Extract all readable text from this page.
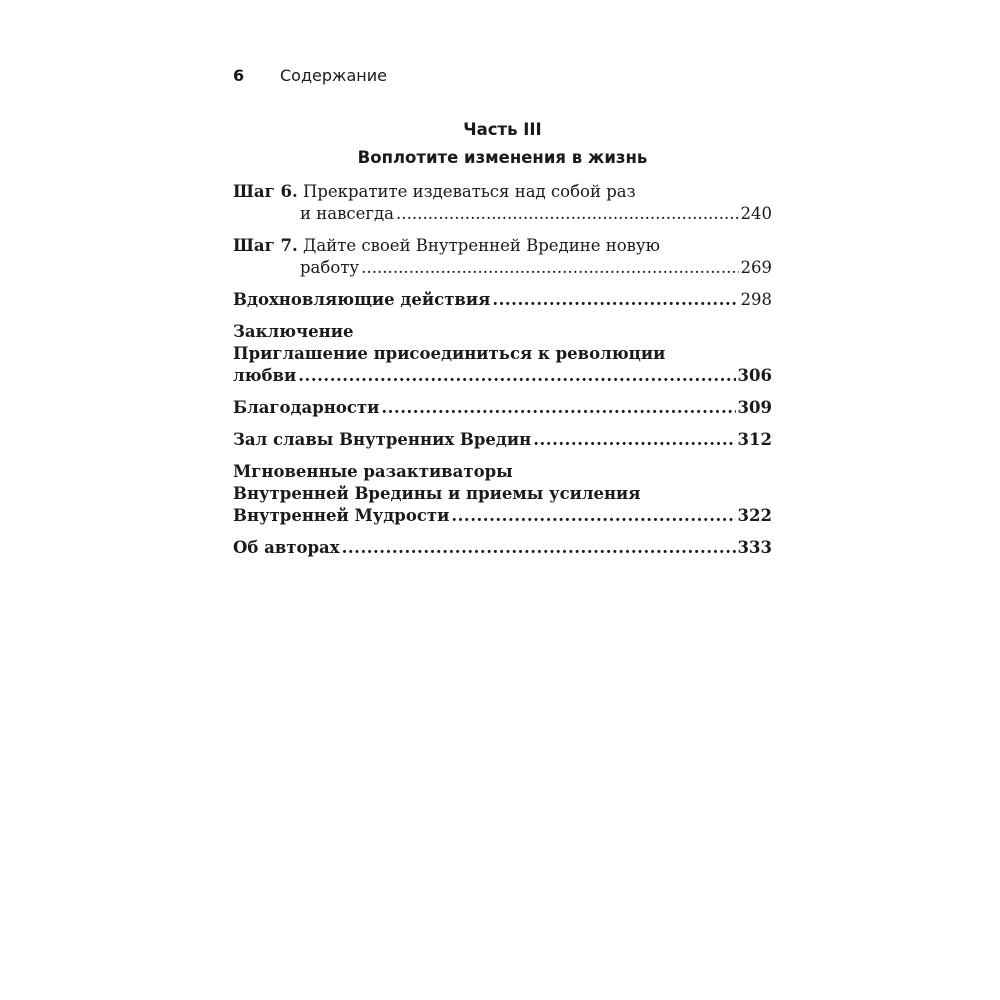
6 Содержание
Часть III
Воплотите изменения в жизнь
Шаг 6.
Прекратите издеваться над собой раз
и навсегда . . .	240
Шаг 7.
Дайте своей Внутренней Вредине новую
работу . . .	269
Вдохновляющие действия . . .	298
Заключение
Приглашение присоединиться к революции
любви . . .	306
Благодарности . . .	309
Зал славы Внутренних Вредин . . .	312
Мгновенные разактиваторы
Внутренней Вредины и приемы усиления
Внутренней Мудрости . . .	322
Об авторах . . .	333
